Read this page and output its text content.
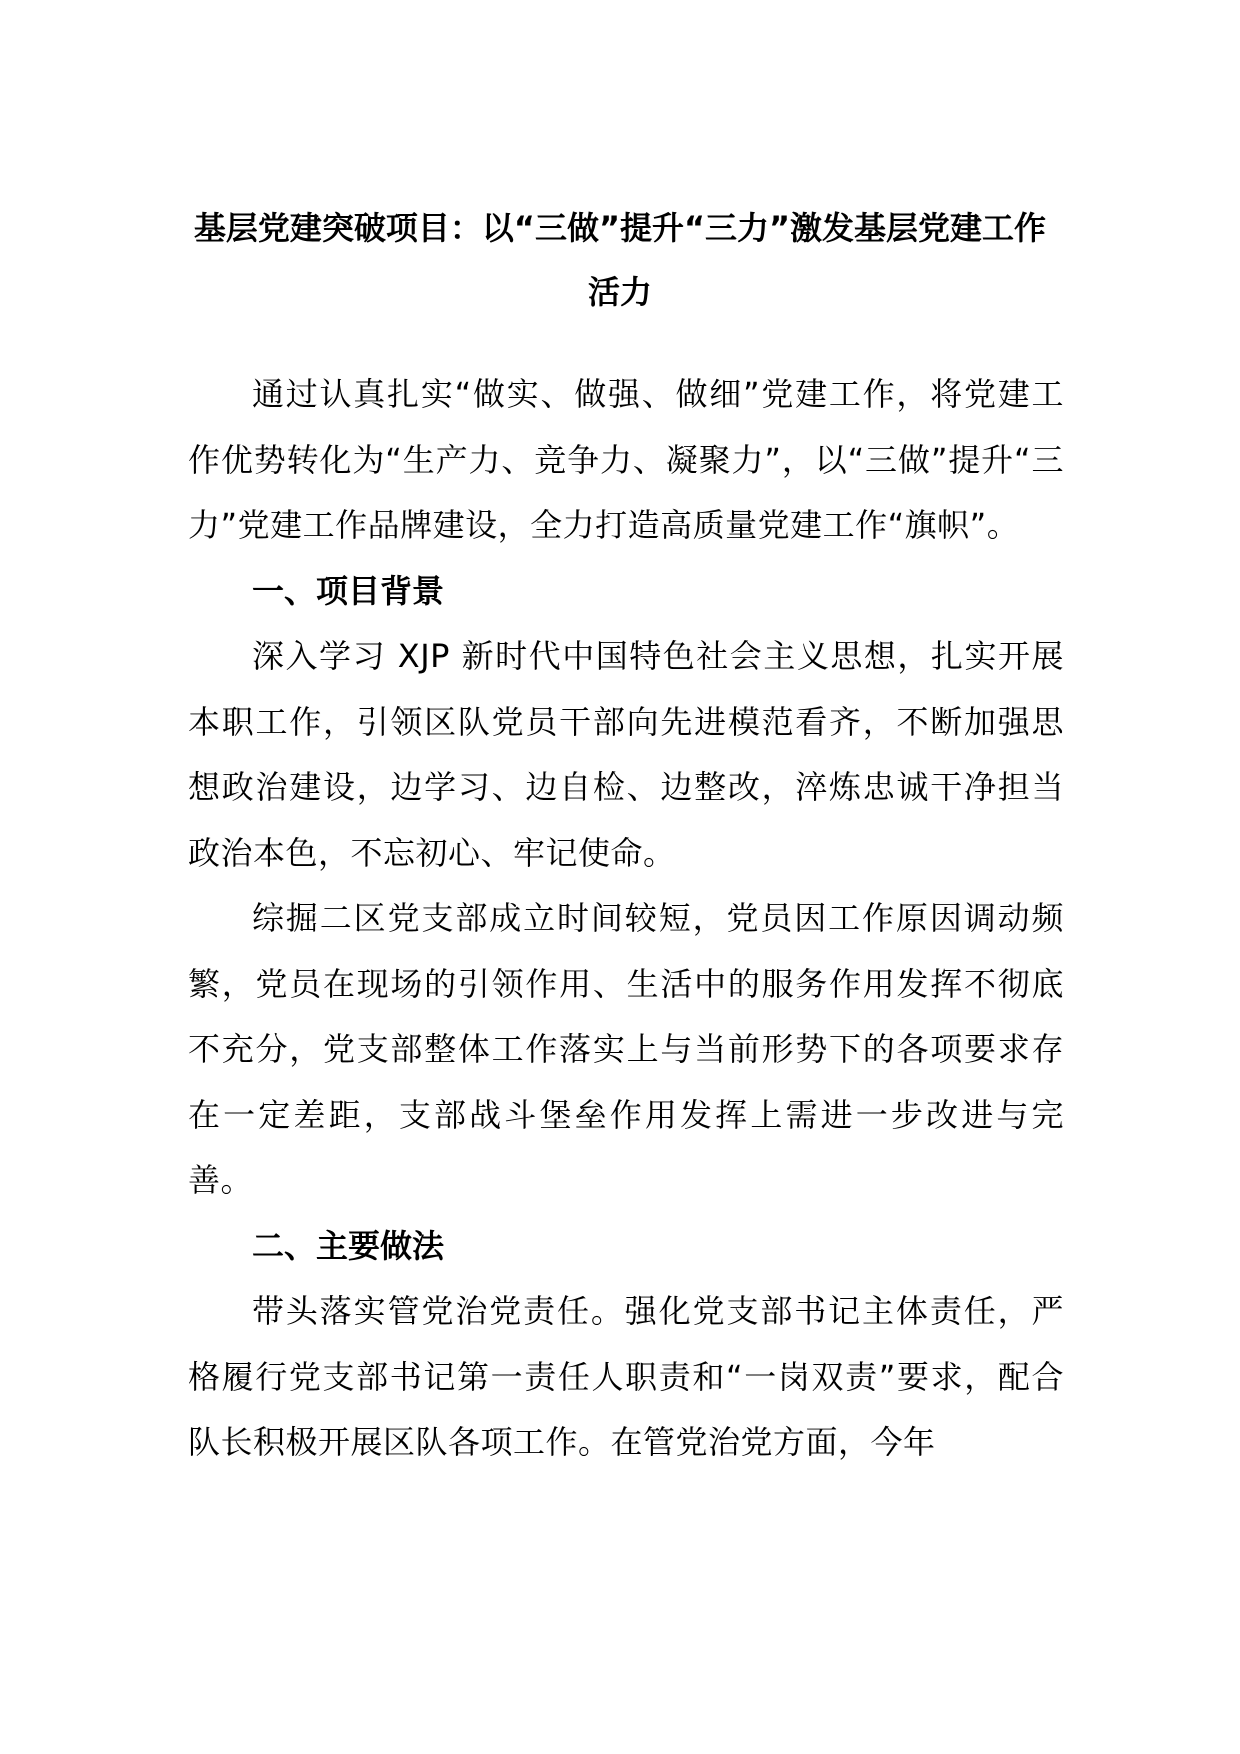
基层党建突破项目：以“三做”提升“三力”激发基层党建工作活力

通过认真扎实“做实、做强、做细”党建工作，将党建工作优势转化为“生产力、竞争力、凝聚力”，以“三做”提升“三力”党建工作品牌建设，全力打造高质量党建工作“旗帜”。

一、项目背景

深入学习 XJP 新时代中国特色社会主义思想，扎实开展本职工作，引领区队党员干部向先进模范看齐，不断加强思想政治建设，边学习、边自检、边整改，淬炼忠诚干净担当政治本色，不忘初心、牢记使命。

综掘二区党支部成立时间较短，党员因工作原因调动频繁，党员在现场的引领作用、生活中的服务作用发挥不彻底不充分，党支部整体工作落实上与当前形势下的各项要求存在一定差距，支部战斗堡垒作用发挥上需进一步改进与完善。

二、主要做法

带头落实管党治党责任。强化党支部书记主体责任，严格履行党支部书记第一责任人职责和“一岗双责”要求，配合队长积极开展区队各项工作。在管党治党方面，今年
